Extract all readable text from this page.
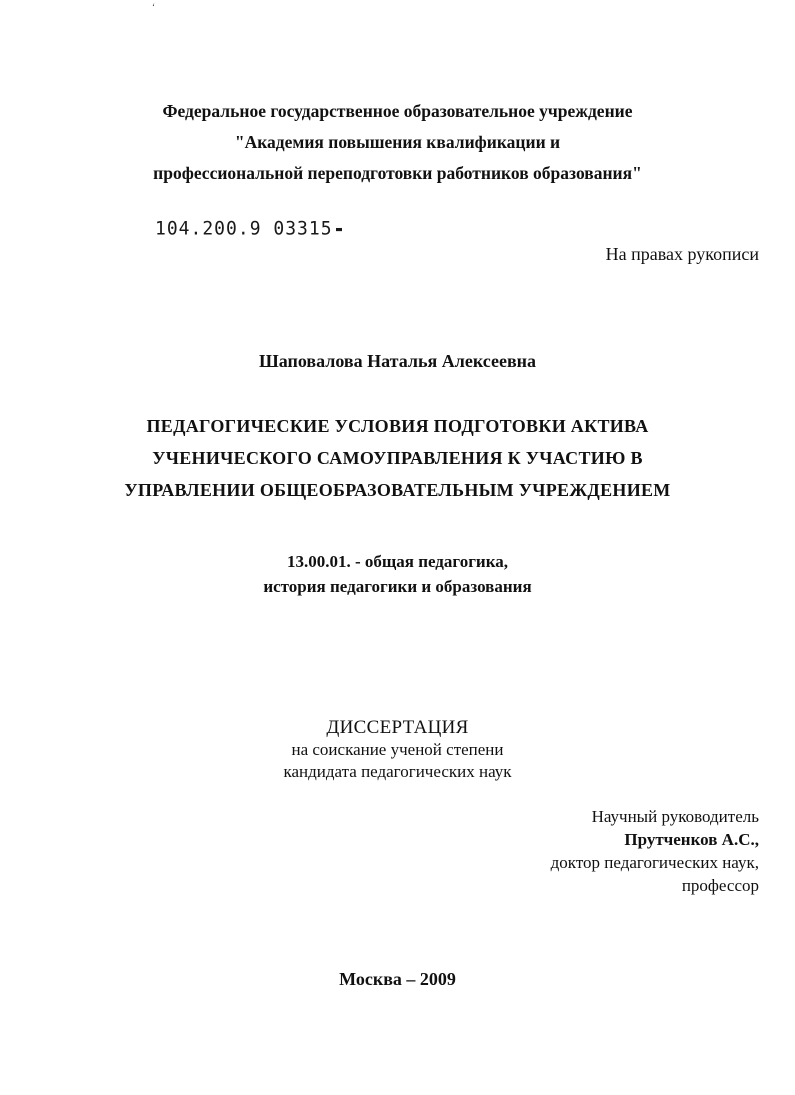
‘
Федеральное государственное образовательное учреждение
"Академия повышения квалификации и
профессиональной переподготовки работников образования"
104.200.9 03315
На правах рукописи
Шаповалова Наталья Алексеевна
ПЕДАГОГИЧЕСКИЕ УСЛОВИЯ ПОДГОТОВКИ АКТИВА
УЧЕНИЧЕСКОГО САМОУПРАВЛЕНИЯ К УЧАСТИЮ В
УПРАВЛЕНИИ ОБЩЕОБРАЗОВАТЕЛЬНЫМ УЧРЕЖДЕНИЕМ
13.00.01. - общая педагогика,
история педагогики и образования
ДИССЕРТАЦИЯ
на соискание ученой степени
кандидата педагогических наук
Научный руководитель
Прутченков А.С.,
доктор педагогических наук,
профессор
Москва – 2009
